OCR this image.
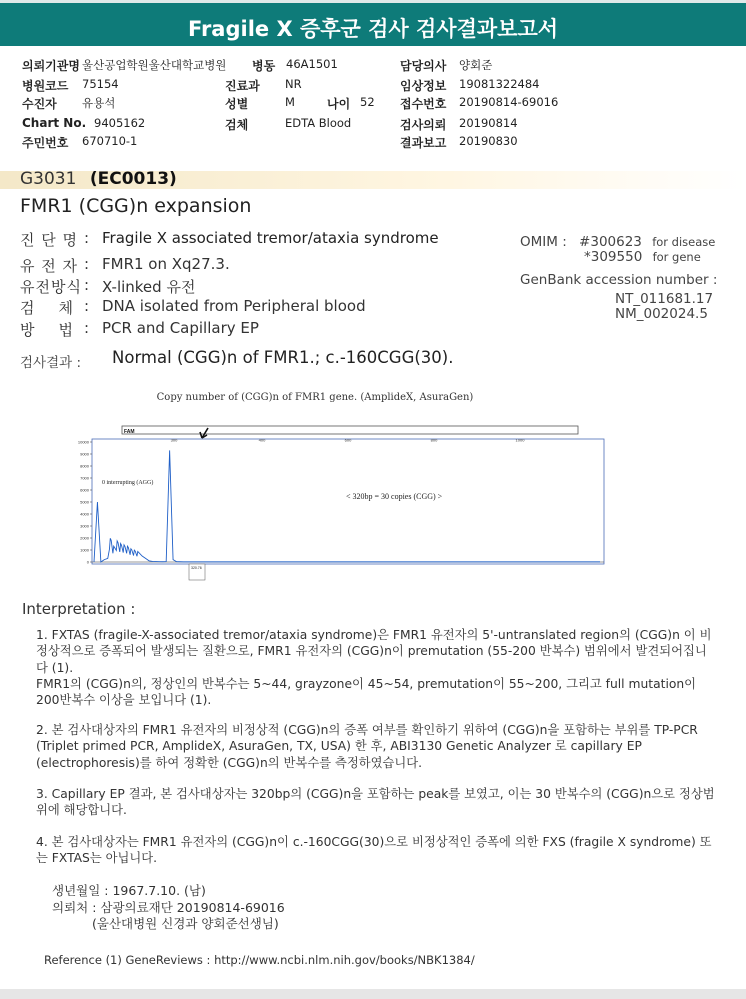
Fragile X 증후군 검사 검사결과보고서
의뢰기관명 울산공업학원울산대학교병원
병원코드 75154
수진자 유용석
Chart No. 9405162
주민번호 670710-1
병동 46A1501
진료과 NR
성별	M	나이 52
검체	EDTA Blood
담당의사 양회준
임상정보 19081322484
접수번호 20190814-69016
검사의뢰 20190814
결과보고 20190830
G3031 (EC0013)
FMR1 (CGG)n expansion
진 단 명 : Fragile X associated tremor/ataxia syndrome
유 전 자 : FMR1 on Xq27.3.
유전방식 : X-linked 유전
검    체 : DNA isolated from Peripheral blood
방    법 : PCR and Capillary EP
OMIM : #300623 for disease
*309550 for gene
GenBank accession number :
NT_011681.17
NM_002024.5
검사결과 : Normal (CGG)n of FMR1.; c.-160CGG(30).
Copy number of (CGG)n of FMR1 gene. (AmplideX, AsuraGen)
FAM
10000
9000
8000
7000
6000
5000
4000
3000
2000
1000
0
300	400	600	800	1000
0 interrupting (AGG)
< 320bp = 30 copies (CGG) >
320.76
Interpretation :
1. FXTAS (fragile-X-associated tremor/ataxia syndrome)은 FMR1 유전자의 5'-untranslated region의 (CGG)n 이 비정상적으로 증폭되어 발생되는 질환으로, FMR1 유전자의 (CGG)n이 premutation (55-200 반복수) 범위에서 발견되어집니다 (1).
FMR1의 (CGG)n의, 정상인의 반복수는 5~44, grayzone이 45~54, premutation이 55~200, 그리고 full mutation이 200반복수 이상을 보입니다 (1).
2. 본 검사대상자의 FMR1 유전자의 비정상적 (CGG)n의 증폭 여부를 확인하기 위하여 (CGG)n을 포함하는 부위를 TP-PCR (Triplet primed PCR, AmplideX, AsuraGen, TX, USA) 한 후, ABI3130 Genetic Analyzer 로 capillary EP (electrophoresis)를 하여 정확한 (CGG)n의 반복수를 측정하였습니다.
3. Capillary EP 결과, 본 검사대상자는 320bp의 (CGG)n을 포함하는 peak를 보였고, 이는 30 반복수의 (CGG)n으로 정상범위에 해당합니다.
4. 본 검사대상자는 FMR1 유전자의 (CGG)n이 c.-160CGG(30)으로 비정상적인 증폭에 의한 FXS (fragile X syndrome) 또는 FXTAS는 아닙니다.
생년월일 : 1967.7.10. (남)
의뢰처 : 삼광의료재단 20190814-69016
(울산대병원 신경과 양회준선생님)
Reference (1) GeneReviews : http://www.ncbi.nlm.nih.gov/books/NBK1384/
